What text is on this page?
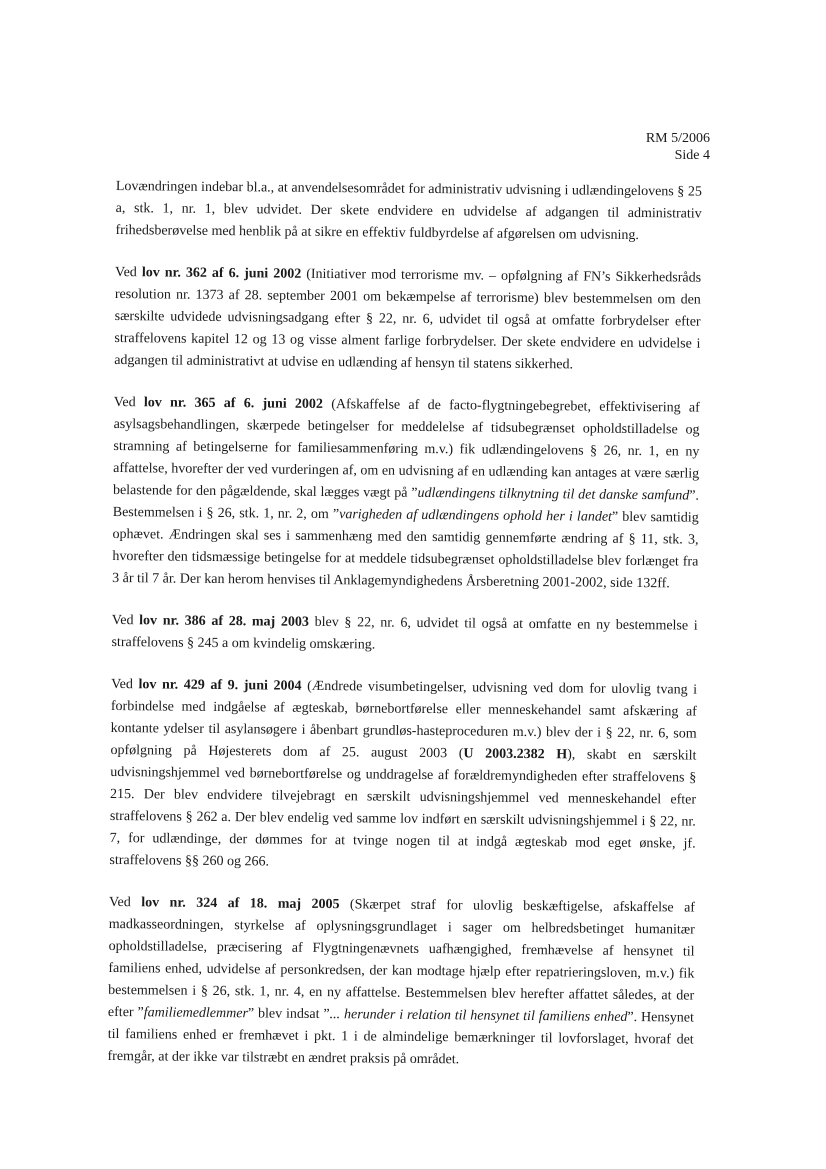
RM 5/2006
Side 4

Lovændringen indebar bl.a., at anvendelsesområdet for administrativ udvisning i udlændingelovens § 25 a, stk. 1, nr. 1, blev udvidet. Der skete endvidere en udvidelse af adgangen til administrativ frihedsberøvelse med henblik på at sikre en effektiv fuldbyrdelse af afgørelsen om udvisning.

Ved lov nr. 362 af 6. juni 2002 (Initiativer mod terrorisme mv. – opfølgning af FN’s Sikkerhedsråds resolution nr. 1373 af 28. september 2001 om bekæmpelse af terrorisme) blev bestemmelsen om den særskilte udvidede udvisningsadgang efter § 22, nr. 6, udvidet til også at omfatte forbrydelser efter straffelovens kapitel 12 og 13 og visse alment farlige forbrydelser. Der skete endvidere en udvidelse i adgangen til administrativt at udvise en udlænding af hensyn til statens sikkerhed.

Ved lov nr. 365 af 6. juni 2002 (Afskaffelse af de facto-flygtningebegrebet, effektivisering af asylsagsbehandlingen, skærpede betingelser for meddelelse af tidsubegrænset opholdstilladelse og stramning af betingelserne for familiesammenføring m.v.) fik udlændingelovens § 26, nr. 1, en ny affattelse, hvorefter der ved vurderingen af, om en udvisning af en udlænding kan antages at være særlig belastende for den pågældende, skal lægges vægt på ”udlændingens tilknytning til det danske samfund”. Bestemmelsen i § 26, stk. 1, nr. 2, om ”varigheden af udlændingens ophold her i landet” blev samtidig ophævet. Ændringen skal ses i sammenhæng med den samtidig gennemførte ændring af § 11, stk. 3, hvorefter den tidsmæssige betingelse for at meddele tidsubegrænset opholdstilladelse blev forlænget fra 3 år til 7 år. Der kan herom henvises til Anklagemyndighedens Årsberetning 2001-2002, side 132ff.

Ved lov nr. 386 af 28. maj 2003 blev § 22, nr. 6, udvidet til også at omfatte en ny bestemmelse i straffelovens § 245 a om kvindelig omskæring.

Ved lov nr. 429 af 9. juni 2004 (Ændrede visumbetingelser, udvisning ved dom for ulovlig tvang i forbindelse med indgåelse af ægteskab, børnebortførelse eller menneskehandel samt afskæring af kontante ydelser til asylansøgere i åbenbart grundløs-hasteproceduren m.v.) blev der i § 22, nr. 6, som opfølgning på Højesterets dom af 25. august 2003 (U 2003.2382 H), skabt en særskilt udvisningshjemmel ved børnebortførelse og unddragelse af forældremyndigheden efter straffelovens § 215. Der blev endvidere tilvejebragt en særskilt udvisningshjemmel ved menneskehandel efter straffelovens § 262 a. Der blev endelig ved samme lov indført en særskilt udvisningshjemmel i § 22, nr. 7, for udlændinge, der dømmes for at tvinge nogen til at indgå ægteskab mod eget ønske, jf. straffelovens §§ 260 og 266.

Ved lov nr. 324 af 18. maj 2005 (Skærpet straf for ulovlig beskæftigelse, afskaffelse af madkasseordningen, styrkelse af oplysningsgrundlaget i sager om helbredsbetinget humanitær opholdstilladelse, præcisering af Flygtningenævnets uafhængighed, fremhævelse af hensynet til familiens enhed, udvidelse af personkredsen, der kan modtage hjælp efter repatrieringsloven, m.v.) fik bestemmelsen i § 26, stk. 1, nr. 4, en ny affattelse. Bestemmelsen blev herefter affattet således, at der efter ”familiemedlemmer” blev indsat ”... herunder i relation til hensynet til familiens enhed”. Hensynet til familiens enhed er fremhævet i pkt. 1 i de almindelige bemærkninger til lovforslaget, hvoraf det fremgår, at der ikke var tilstræbt en ændret praksis på området.
